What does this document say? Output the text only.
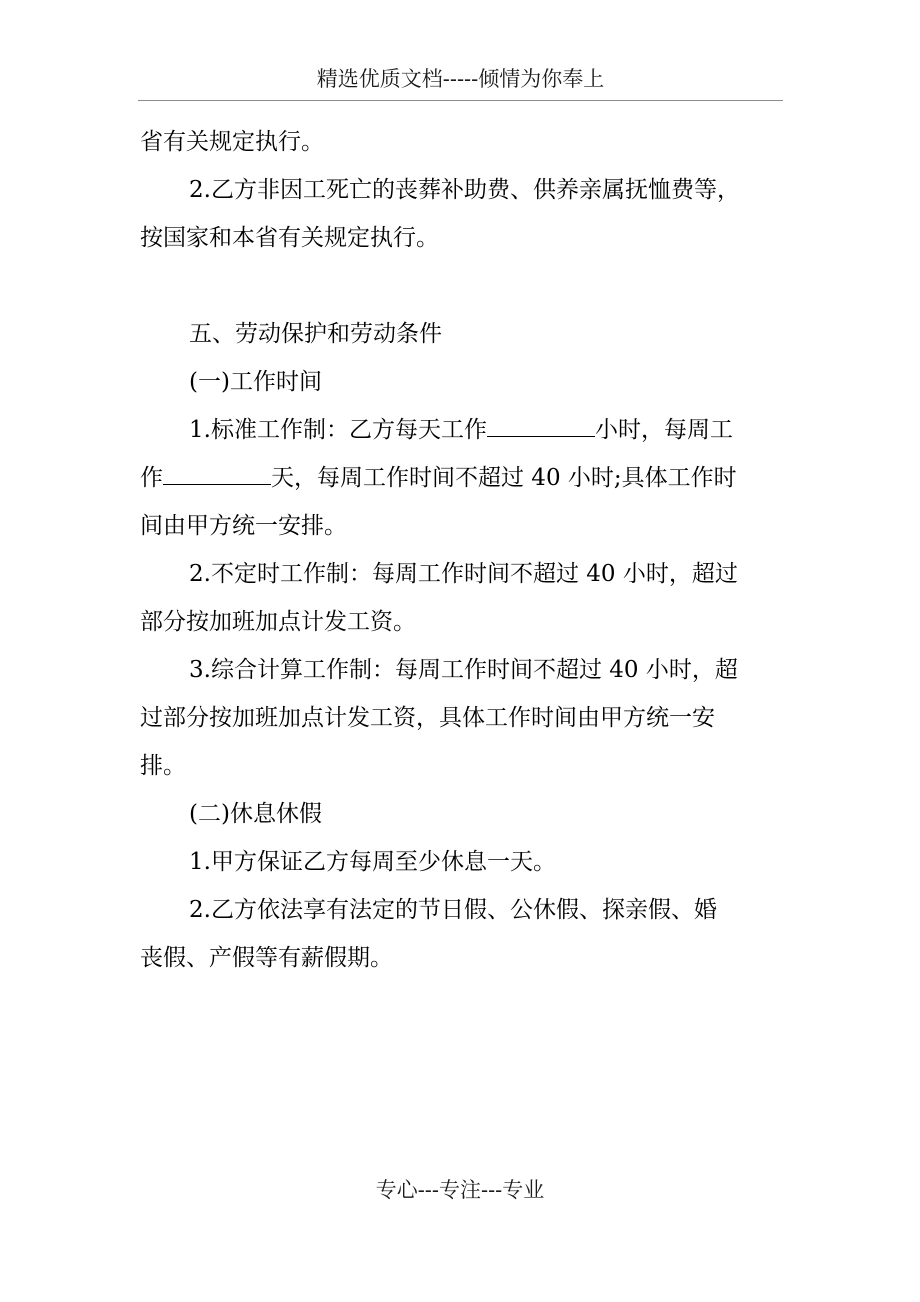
精选优质文档-----倾情为你奉上
省有关规定执行。
2.乙方非因工死亡的丧葬补助费、供养亲属抚恤费等，
按国家和本省有关规定执行。
五、劳动保护和劳动条件
(一)工作时间
1.标准工作制：乙方每天工作	小时，每周工
作	天，每周工作时间不超过 40 小时;具体工作时
间由甲方统一安排。
2.不定时工作制：每周工作时间不超过 40 小时，超过
部分按加班加点计发工资。
3.综合计算工作制：每周工作时间不超过 40 小时，超
过部分按加班加点计发工资，具体工作时间由甲方统一安
排。
(二)休息休假
1.甲方保证乙方每周至少休息一天。
2.乙方依法享有法定的节日假、公休假、探亲假、婚
丧假、产假等有薪假期。
专心---专注---专业
